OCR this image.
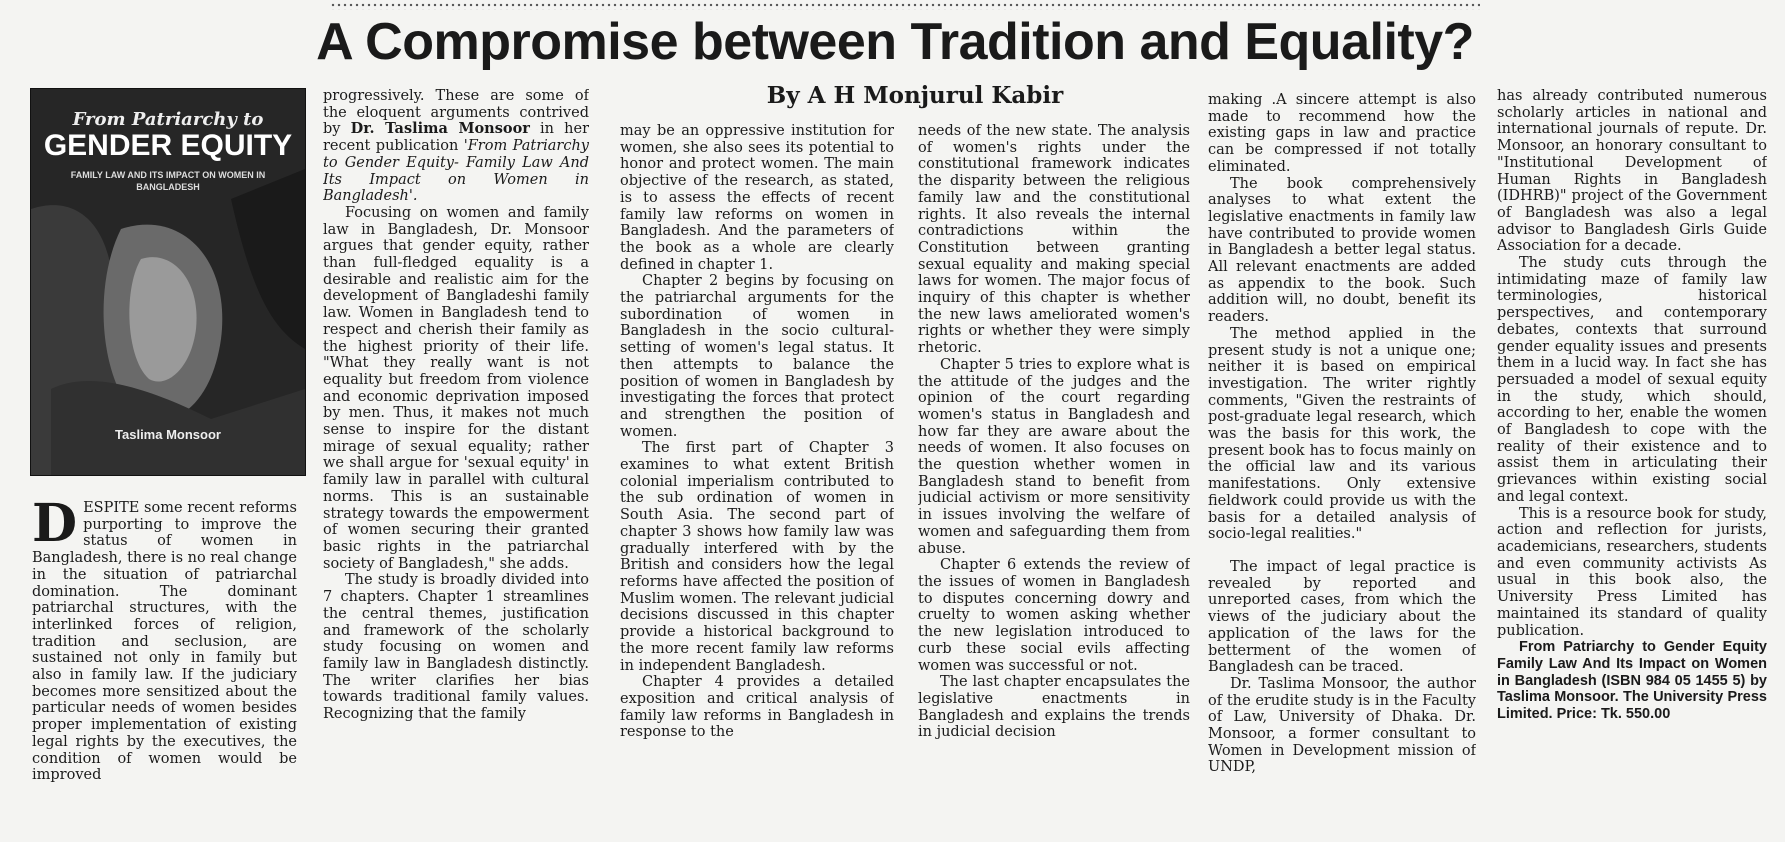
A Compromise between Tradition and Equality?
By A H Monjurul Kabir
From Patriarchy to
GENDER EQUITY
FAMILY LAW AND ITS IMPACT ON WOMEN IN BANGLADESH
Taslima Monsoor

DESPITE some recent reforms purporting to improve the status of women in Bangladesh, there is no real change in the situation of patriarchal domination. The dominant patriarchal structures, with the interlinked forces of religion, tradition and seclusion, are sustained not only in family but also in family law. If the judiciary becomes more sensitized about the particular needs of women besides proper implementation of existing legal rights by the executives, the condition of women would be improved

progressively. These are some of the eloquent arguments contrived by Dr. Taslima Monsoor in her recent publication 'From Patriarchy to Gender Equity- Family Law And Its Impact on Women in Bangladesh'.

Focusing on women and family law in Bangladesh, Dr. Monsoor argues that gender equity, rather than full-fledged equality is a desirable and realistic aim for the development of Bangladeshi family law. Women in Bangladesh tend to respect and cherish their family as the highest priority of their life. "What they really want is not equality but freedom from violence and economic deprivation imposed by men. Thus, it makes not much sense to inspire for the distant mirage of sexual equality; rather we shall argue for 'sexual equity' in family law in parallel with cultural norms. This is an sustainable strategy towards the empowerment of women securing their granted basic rights in the patriarchal society of Bangladesh," she adds.

The study is broadly divided into 7 chapters. Chapter 1 streamlines the central themes, justification and framework of the scholarly study focusing on women and family law in Bangladesh distinctly. The writer clarifies her bias towards traditional family values. Recognizing that the family

may be an oppressive institution for women, she also sees its potential to honor and protect women. The main objective of the research, as stated, is to assess the effects of recent family law reforms on women in Bangladesh. And the parameters of the book as a whole are clearly defined in chapter 1.

Chapter 2 begins by focusing on the patriarchal arguments for the subordination of women in Bangladesh in the socio cultural-setting of women's legal status. It then attempts to balance the position of women in Bangladesh by investigating the forces that protect and strengthen the position of women.

The first part of Chapter 3 examines to what extent British colonial imperialism contributed to the sub ordination of women in South Asia. The second part of chapter 3 shows how family law was gradually interfered with by the British and considers how the legal reforms have affected the position of Muslim women. The relevant judicial decisions discussed in this chapter provide a historical background to the more recent family law reforms in independent Bangladesh.

Chapter 4 provides a detailed exposition and critical analysis of family law reforms in Bangladesh in response to the

needs of the new state. The analysis of women's rights under the constitutional framework indicates the disparity between the religious family law and the constitutional rights. It also reveals the internal contradictions within the Constitution between granting sexual equality and making special laws for women. The major focus of inquiry of this chapter is whether the new laws ameliorated women's rights or whether they were simply rhetoric.

Chapter 5 tries to explore what is the attitude of the judges and the opinion of the court regarding women's status in Bangladesh and how far they are aware about the needs of women. It also focuses on the question whether women in Bangladesh stand to benefit from judicial activism or more sensitivity in issues involving the welfare of women and safeguarding them from abuse.

Chapter 6 extends the review of the issues of women in Bangladesh to disputes concerning dowry and cruelty to women asking whether the new legislation introduced to curb these social evils affecting women was successful or not.

The last chapter encapsulates the legislative enactments in Bangladesh and explains the trends in judicial decision

making .A sincere attempt is also made to recommend how the existing gaps in law and practice can be compressed if not totally eliminated.

The book comprehensively analyses to what extent the legislative enactments in family law have contributed to provide women in Bangladesh a better legal status. All relevant enactments are added as appendix to the book. Such addition will, no doubt, benefit its readers.

The method applied in the present study is not a unique one; neither it is based on empirical investigation. The writer rightly comments, "Given the restraints of post-graduate legal research, which was the basis for this work, the present book has to focus mainly on the official law and its various manifestations. Only extensive fieldwork could provide us with the basis for a detailed analysis of socio-legal realities."

The impact of legal practice is revealed by reported and unreported cases, from which the views of the judiciary about the application of the laws for the betterment of the women of Bangladesh can be traced.

Dr. Taslima Monsoor, the author of the erudite study is in the Faculty of Law, University of Dhaka. Dr. Monsoor, a former consultant to Women in Development mission of UNDP,

has already contributed numerous scholarly articles in national and international journals of repute. Dr. Monsoor, an honorary consultant to "Institutional Development of Human Rights in Bangladesh (IDHRB)" project of the Government of Bangladesh was also a legal advisor to Bangladesh Girls Guide Association for a decade.

The study cuts through the intimidating maze of family law terminologies, historical perspectives, and contemporary debates, contexts that surround gender equality issues and presents them in a lucid way. In fact she has persuaded a model of sexual equity in the study, which should, according to her, enable the women of Bangladesh to cope with the reality of their existence and to assist them in articulating their grievances within existing social and legal context.

This is a resource book for study, action and reflection for jurists, academicians, researchers, students and even community activists As usual in this book also, the University Press Limited has maintained its standard of quality publication.

From Patriarchy to Gender Equity Family Law And Its Impact on Women in Bangladesh (ISBN 984 05 1455 5) by Taslima Monsoor. The University Press Limited. Price: Tk. 550.00
